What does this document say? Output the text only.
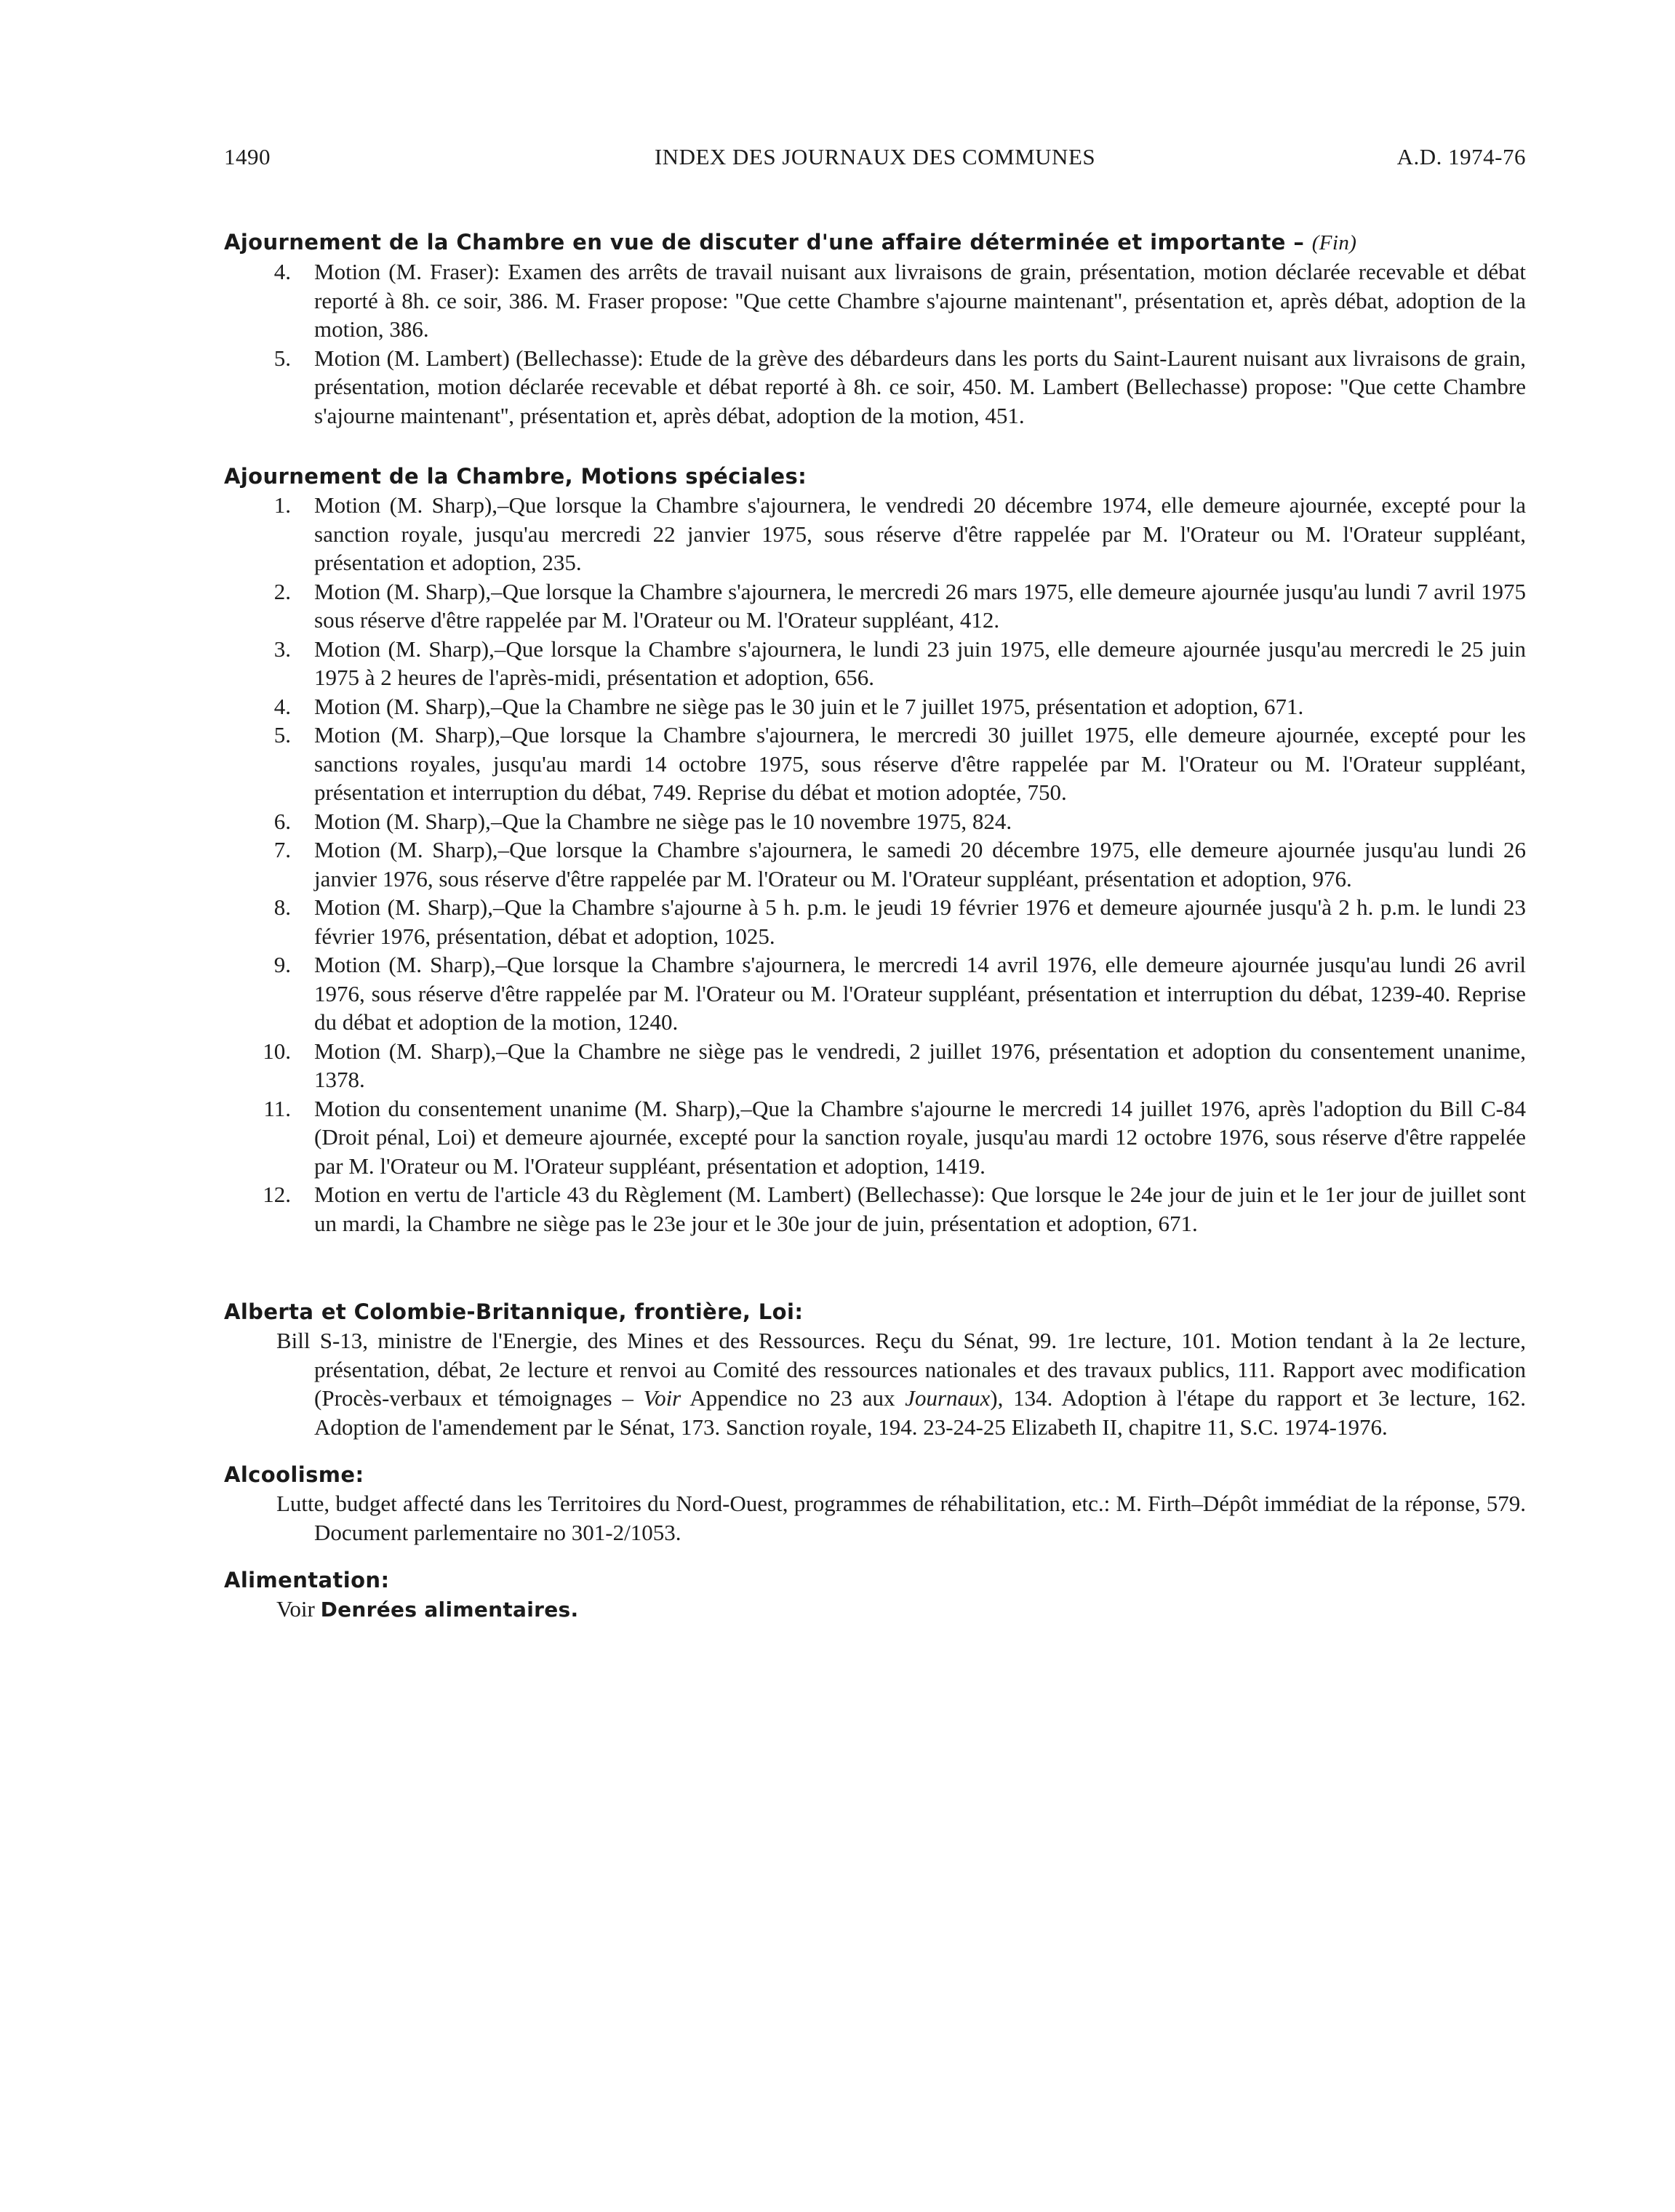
1490	INDEX DES JOURNAUX DES COMMUNES	A.D. 1974-76
Ajournement de la Chambre en vue de discuter d'une affaire déterminée et importante – (Fin)
4. Motion (M. Fraser): Examen des arrêts de travail nuisant aux livraisons de grain, présentation, motion déclarée recevable et débat reporté à 8h. ce soir, 386. M. Fraser propose: ''Que cette Chambre s'ajourne maintenant'', présentation et, après débat, adoption de la motion, 386.
5. Motion (M. Lambert) (Bellechasse): Etude de la grève des débardeurs dans les ports du Saint-Laurent nuisant aux livraisons de grain, présentation, motion déclarée recevable et débat reporté à 8h. ce soir, 450. M. Lambert (Bellechasse) propose: ''Que cette Chambre s'ajourne maintenant'', présentation et, après débat, adoption de la motion, 451.
Ajournement de la Chambre, Motions spéciales:
1. Motion (M. Sharp),–Que lorsque la Chambre s'ajournera, le vendredi 20 décembre 1974, elle demeure ajournée, excepté pour la sanction royale, jusqu'au mercredi 22 janvier 1975, sous réserve d'être rappelée par M. l'Orateur ou M. l'Orateur suppléant, présentation et adoption, 235.
2. Motion (M. Sharp),–Que lorsque la Chambre s'ajournera, le mercredi 26 mars 1975, elle demeure ajournée jusqu'au lundi 7 avril 1975 sous réserve d'être rappelée par M. l'Orateur ou M. l'Orateur suppléant, 412.
3. Motion (M. Sharp),–Que lorsque la Chambre s'ajournera, le lundi 23 juin 1975, elle demeure ajournée jusqu'au mercredi le 25 juin 1975 à 2 heures de l'après-midi, présentation et adoption, 656.
4. Motion (M. Sharp),–Que la Chambre ne siège pas le 30 juin et le 7 juillet 1975, présentation et adoption, 671.
5. Motion (M. Sharp),–Que lorsque la Chambre s'ajournera, le mercredi 30 juillet 1975, elle demeure ajournée, excepté pour les sanctions royales, jusqu'au mardi 14 octobre 1975, sous réserve d'être rappelée par M. l'Orateur ou M. l'Orateur suppléant, présentation et interruption du débat, 749. Reprise du débat et motion adoptée, 750.
6. Motion (M. Sharp),–Que la Chambre ne siège pas le 10 novembre 1975, 824.
7. Motion (M. Sharp),–Que lorsque la Chambre s'ajournera, le samedi 20 décembre 1975, elle demeure ajournée jusqu'au lundi 26 janvier 1976, sous réserve d'être rappelée par M. l'Orateur ou M. l'Orateur suppléant, présentation et adoption, 976.
8. Motion (M. Sharp),–Que la Chambre s'ajourne à 5 h. p.m. le jeudi 19 février 1976 et demeure ajournée jusqu'à 2 h. p.m. le lundi 23 février 1976, présentation, débat et adoption, 1025.
9. Motion (M. Sharp),–Que lorsque la Chambre s'ajournera, le mercredi 14 avril 1976, elle demeure ajournée jusqu'au lundi 26 avril 1976, sous réserve d'être rappelée par M. l'Orateur ou M. l'Orateur suppléant, présentation et interruption du débat, 1239-40. Reprise du débat et adoption de la motion, 1240.
10. Motion (M. Sharp),–Que la Chambre ne siège pas le vendredi, 2 juillet 1976, présentation et adoption du consentement unanime, 1378.
11. Motion du consentement unanime (M. Sharp),–Que la Chambre s'ajourne le mercredi 14 juillet 1976, après l'adoption du Bill C-84 (Droit pénal, Loi) et demeure ajournée, excepté pour la sanction royale, jusqu'au mardi 12 octobre 1976, sous réserve d'être rappelée par M. l'Orateur ou M. l'Orateur suppléant, présentation et adoption, 1419.
12. Motion en vertu de l'article 43 du Règlement (M. Lambert) (Bellechasse): Que lorsque le 24e jour de juin et le 1er jour de juillet sont un mardi, la Chambre ne siège pas le 23e jour et le 30e jour de juin, présentation et adoption, 671.
Alberta et Colombie-Britannique, frontière, Loi:
Bill S-13, ministre de l'Energie, des Mines et des Ressources. Reçu du Sénat, 99. 1re lecture, 101. Motion tendant à la 2e lecture, présentation, débat, 2e lecture et renvoi au Comité des ressources nationales et des travaux publics, 111. Rapport avec modification (Procès-verbaux et témoignages – Voir Appendice no 23 aux Journaux), 134. Adoption à l'étape du rapport et 3e lecture, 162. Adoption de l'amendement par le Sénat, 173. Sanction royale, 194. 23-24-25 Elizabeth II, chapitre 11, S.C. 1974-1976.
Alcoolisme:
Lutte, budget affecté dans les Territoires du Nord-Ouest, programmes de réhabilitation, etc.: M. Firth–Dépôt immédiat de la réponse, 579. Document parlementaire no 301-2/1053.
Alimentation:
Voir Denrées alimentaires.
